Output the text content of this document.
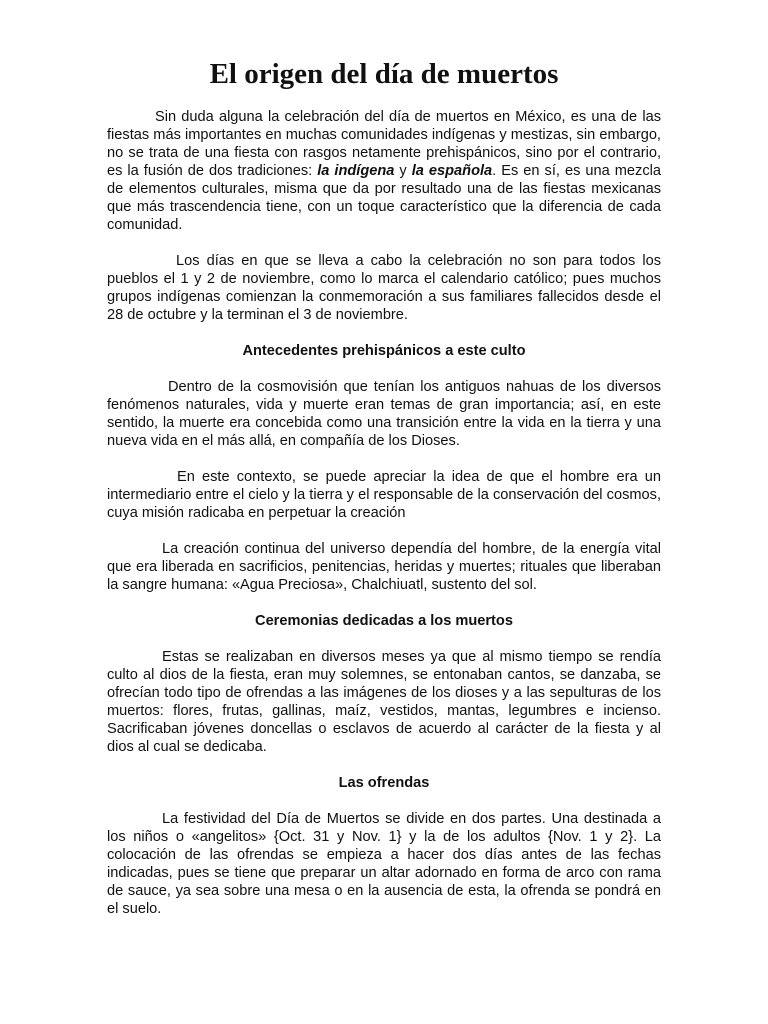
El origen del día de muertos

Sin duda alguna la celebración del día de muertos en México, es una de las fiestas más importantes en muchas comunidades indígenas y mestizas, sin embargo, no se trata de una fiesta con rasgos netamente prehispánicos, sino por el contrario, es la fusión de dos tradiciones: la indígena y la española. Es en sí, es una mezcla de elementos culturales, misma que da por resultado una de las fiestas mexicanas que más trascendencia tiene, con un toque característico que la diferencia de cada comunidad.

Los días en que se lleva a cabo la celebración no son para todos los pueblos el 1 y 2 de noviembre, como lo marca el calendario católico; pues muchos grupos indígenas comienzan la conmemoración a sus familiares fallecidos desde el 28 de octubre y la terminan el 3 de noviembre.

Antecedentes prehispánicos a este culto

Dentro de la cosmovisión que tenían los antiguos nahuas de los diversos fenómenos naturales, vida y muerte eran temas de gran importancia; así, en este sentido, la muerte era concebida como una transición entre la vida en la tierra y una nueva vida en el más allá, en compañía de los Dioses.

En este contexto, se puede apreciar la idea de que el hombre era un intermediario entre el cielo y la tierra y el responsable de la conservación del cosmos, cuya misión radicaba en perpetuar la creación

La creación continua del universo dependía del hombre, de la energía vital que era liberada en sacrificios, penitencias, heridas y muertes; rituales que liberaban la sangre humana: «Agua Preciosa», Chalchiuatl, sustento del sol.

Ceremonias dedicadas a los muertos

Estas se realizaban en diversos meses ya que al mismo tiempo se rendía culto al dios de la fiesta, eran muy solemnes, se entonaban cantos, se danzaba, se ofrecían todo tipo de ofrendas a las imágenes de los dioses y a las sepulturas de los muertos: flores, frutas, gallinas, maíz, vestidos, mantas, legumbres e incienso. Sacrificaban jóvenes doncellas o esclavos de acuerdo al carácter de la fiesta y al dios al cual se dedicaba.

Las ofrendas

La festividad del Día de Muertos se divide en dos partes. Una destinada a los niños o «angelitos» {Oct. 31 y Nov. 1} y la de los adultos {Nov. 1 y 2}. La colocación de las ofrendas se empieza a hacer dos días antes de las fechas indicadas, pues se tiene que preparar un altar adornado en forma de arco con rama de sauce, ya sea sobre una mesa o en la ausencia de esta, la ofrenda se pondrá en el suelo.
